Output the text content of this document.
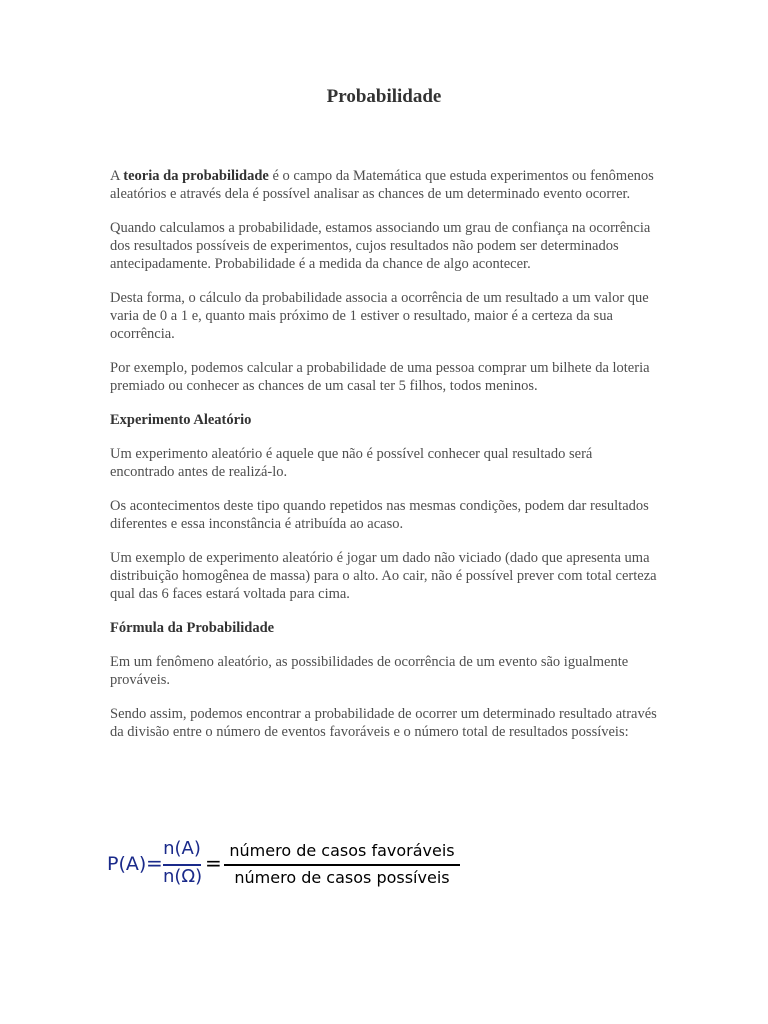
Probabilidade

A teoria da probabilidade é o campo da Matemática que estuda experimentos ou fenômenos aleatórios e através dela é possível analisar as chances de um determinado evento ocorrer.

Quando calculamos a probabilidade, estamos associando um grau de confiança na ocorrência dos resultados possíveis de experimentos, cujos resultados não podem ser determinados antecipadamente. Probabilidade é a medida da chance de algo acontecer.

Desta forma, o cálculo da probabilidade associa a ocorrência de um resultado a um valor que varia de 0 a 1 e, quanto mais próximo de 1 estiver o resultado, maior é a certeza da sua ocorrência.

Por exemplo, podemos calcular a probabilidade de uma pessoa comprar um bilhete da loteria premiado ou conhecer as chances de um casal ter 5 filhos, todos meninos.

Experimento Aleatório

Um experimento aleatório é aquele que não é possível conhecer qual resultado será encontrado antes de realizá-lo.

Os acontecimentos deste tipo quando repetidos nas mesmas condições, podem dar resultados diferentes e essa inconstância é atribuída ao acaso.

Um exemplo de experimento aleatório é jogar um dado não viciado (dado que apresenta uma distribuição homogênea de massa) para o alto. Ao cair, não é possível prever com total certeza qual das 6 faces estará voltada para cima.

Fórmula da Probabilidade

Em um fenômeno aleatório, as possibilidades de ocorrência de um evento são igualmente prováveis.

Sendo assim, podemos encontrar a probabilidade de ocorrer um determinado resultado através da divisão entre o número de eventos favoráveis e o número total de resultados possíveis:

P(A) =
n(A)
n(Ω)
=
número de casos favoráveis
número de casos possíveis
